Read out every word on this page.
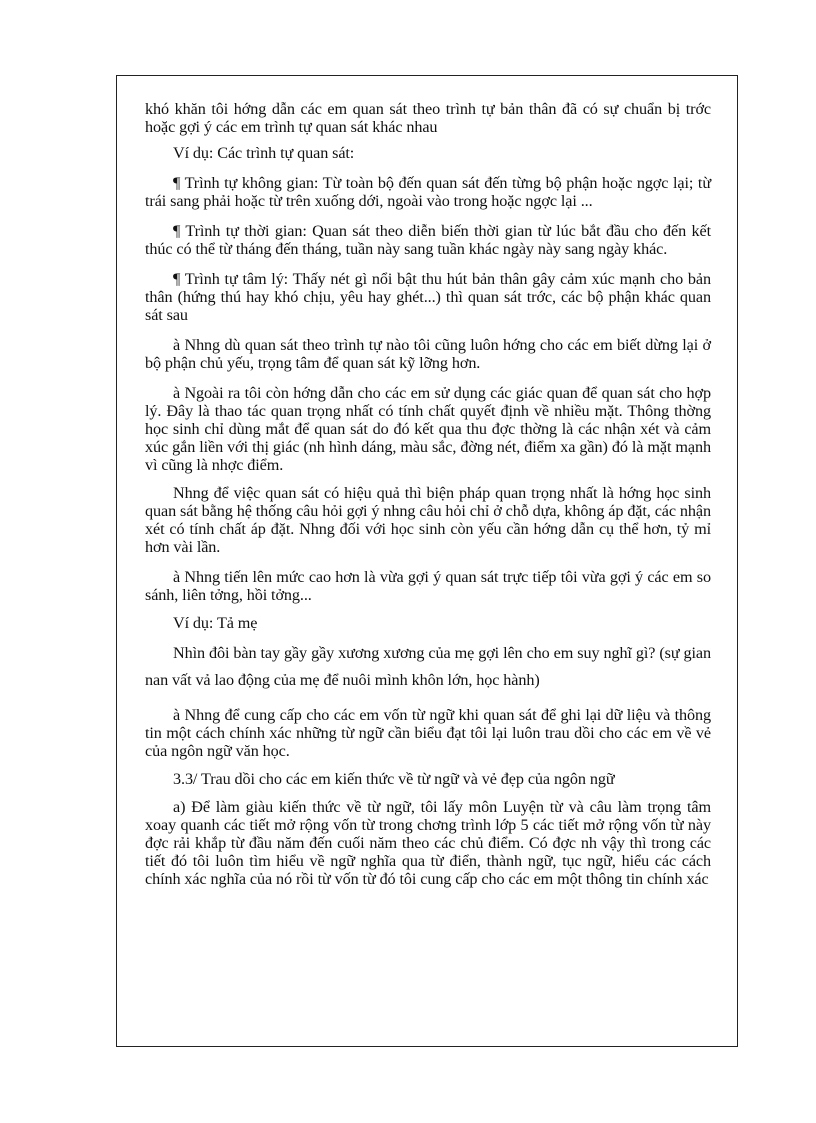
khó khăn tôi hớng dẫn các em quan sát theo trình tự bản thân đã có sự chuẩn bị trớc hoặc gợi ý các em trình tự quan sát khác nhau

Ví dụ: Các trình tự quan sát:

¶ Trình tự không gian: Từ toàn bộ đến quan sát đến từng bộ phận hoặc ngợc lại; từ trái sang phải hoặc từ trên xuống dới, ngoài vào trong hoặc ngợc lại ...

¶ Trình tự thời gian: Quan sát theo diễn biến thời gian từ lúc bắt đầu cho đến kết thúc có thể từ tháng đến tháng, tuần này sang tuần khác ngày này sang ngày khác.

¶ Trình tự tâm lý: Thấy nét gì nổi bật thu hút bản thân gây cảm xúc mạnh cho bản thân (hứng thú hay khó chịu, yêu hay ghét...) thì quan sát trớc, các bộ phận khác quan sát sau

à Nhng dù quan sát theo trình tự nào tôi cũng luôn hớng cho các em biết dừng lại ở bộ phận chủ yếu, trọng tâm để quan sát kỹ lỡng hơn.

à Ngoài ra tôi còn hớng dẫn cho các em sử dụng các giác quan để quan sát cho hợp lý. Đây là thao tác quan trọng nhất có tính chất quyết định về nhiều mặt. Thông thờng học sinh chỉ dùng mắt để quan sát do đó kết qua thu đợc thờng là các nhận xét và cảm xúc gắn liền với thị giác (nh hình dáng, màu sắc, đờng nét, điểm xa gần) đó là mặt mạnh vì cũng là nhợc điểm.

Nhng để việc quan sát có hiệu quả thì biện pháp quan trọng nhất là hớng học sinh quan sát bằng hệ thống câu hỏi gợi ý nhng câu hỏi chỉ ở chỗ dựa, không áp đặt, các nhận xét có tính chất áp đặt. Nhng đối với học sinh còn yếu cần hớng dẫn cụ thể hơn, tỷ mỉ hơn vài lần.

à Nhng tiến lên mức cao hơn là vừa gợi ý quan sát trực tiếp tôi vừa gợi ý các em so sánh, liên tởng, hồi tởng...

Ví dụ: Tả mẹ

Nhìn đôi bàn tay gầy gầy xương xương của mẹ gợi lên cho em suy nghĩ gì? (sự gian nan vất vả lao động của mẹ để nuôi mình khôn lớn, học hành)

à Nhng để cung cấp cho các em vốn từ ngữ khi quan sát để ghi lại dữ liệu và thông tin một cách chính xác những từ ngữ cần biểu đạt tôi lại luôn trau dồi cho các em về vẻ của ngôn ngữ văn học.

3.3/ Trau dồi cho các em kiến thức về từ ngữ và vẻ đẹp của ngôn ngữ

a) Để làm giàu kiến thức về từ ngữ, tôi lấy môn Luyện từ và câu làm trọng tâm xoay quanh các tiết mở rộng vốn từ trong chơng trình lớp 5 các tiết mở rộng vốn từ này đợc rải khắp từ đầu năm đến cuối năm theo các chủ điểm. Có đợc nh vậy thì trong các tiết đó tôi luôn tìm hiểu về ngữ nghĩa qua từ điển, thành ngữ, tục ngữ, hiểu các cách chính xác nghĩa của nó rồi từ vốn từ đó tôi cung cấp cho các em một thông tin chính xác
